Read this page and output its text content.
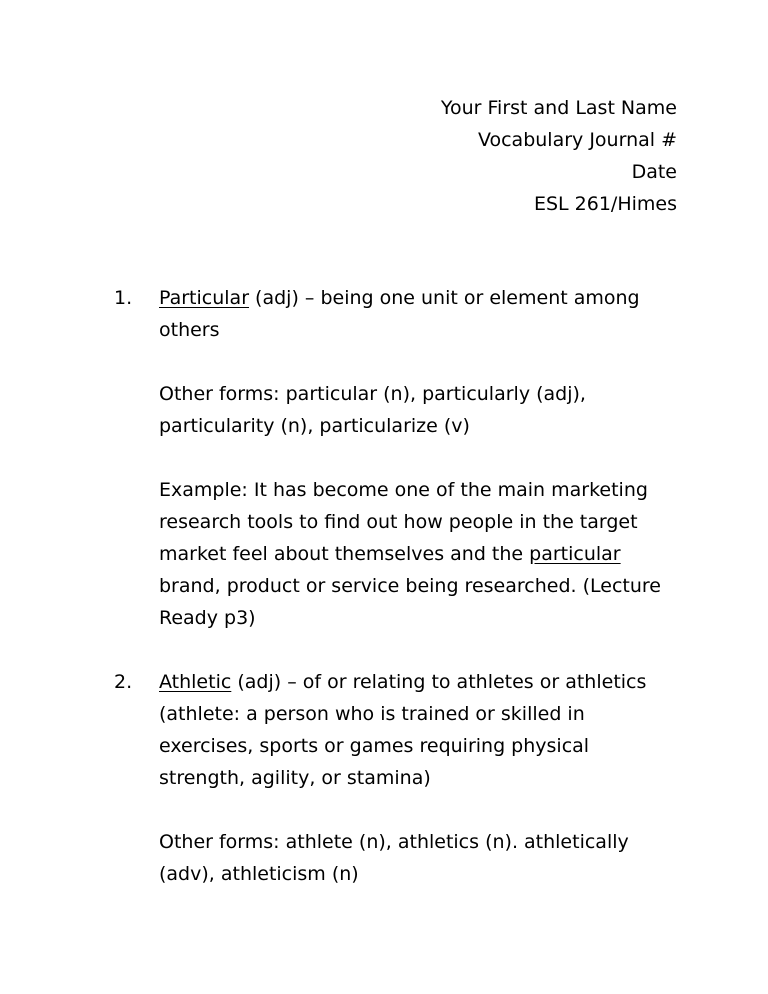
Your First and Last Name
Vocabulary Journal #
Date
ESL 261/Himes
1. Particular (adj) – being one unit or element among others

Other forms: particular (n), particularly (adj), particularity (n), particularize (v)

Example: It has become one of the main marketing research tools to find out how people in the target market feel about themselves and the particular brand, product or service being researched. (Lecture Ready p3)

2. Athletic (adj) – of or relating to athletes or athletics (athlete: a person who is trained or skilled in exercises, sports or games requiring physical strength, agility, or stamina)

Other forms: athlete (n), athletics (n). athletically (adv), athleticism (n)
